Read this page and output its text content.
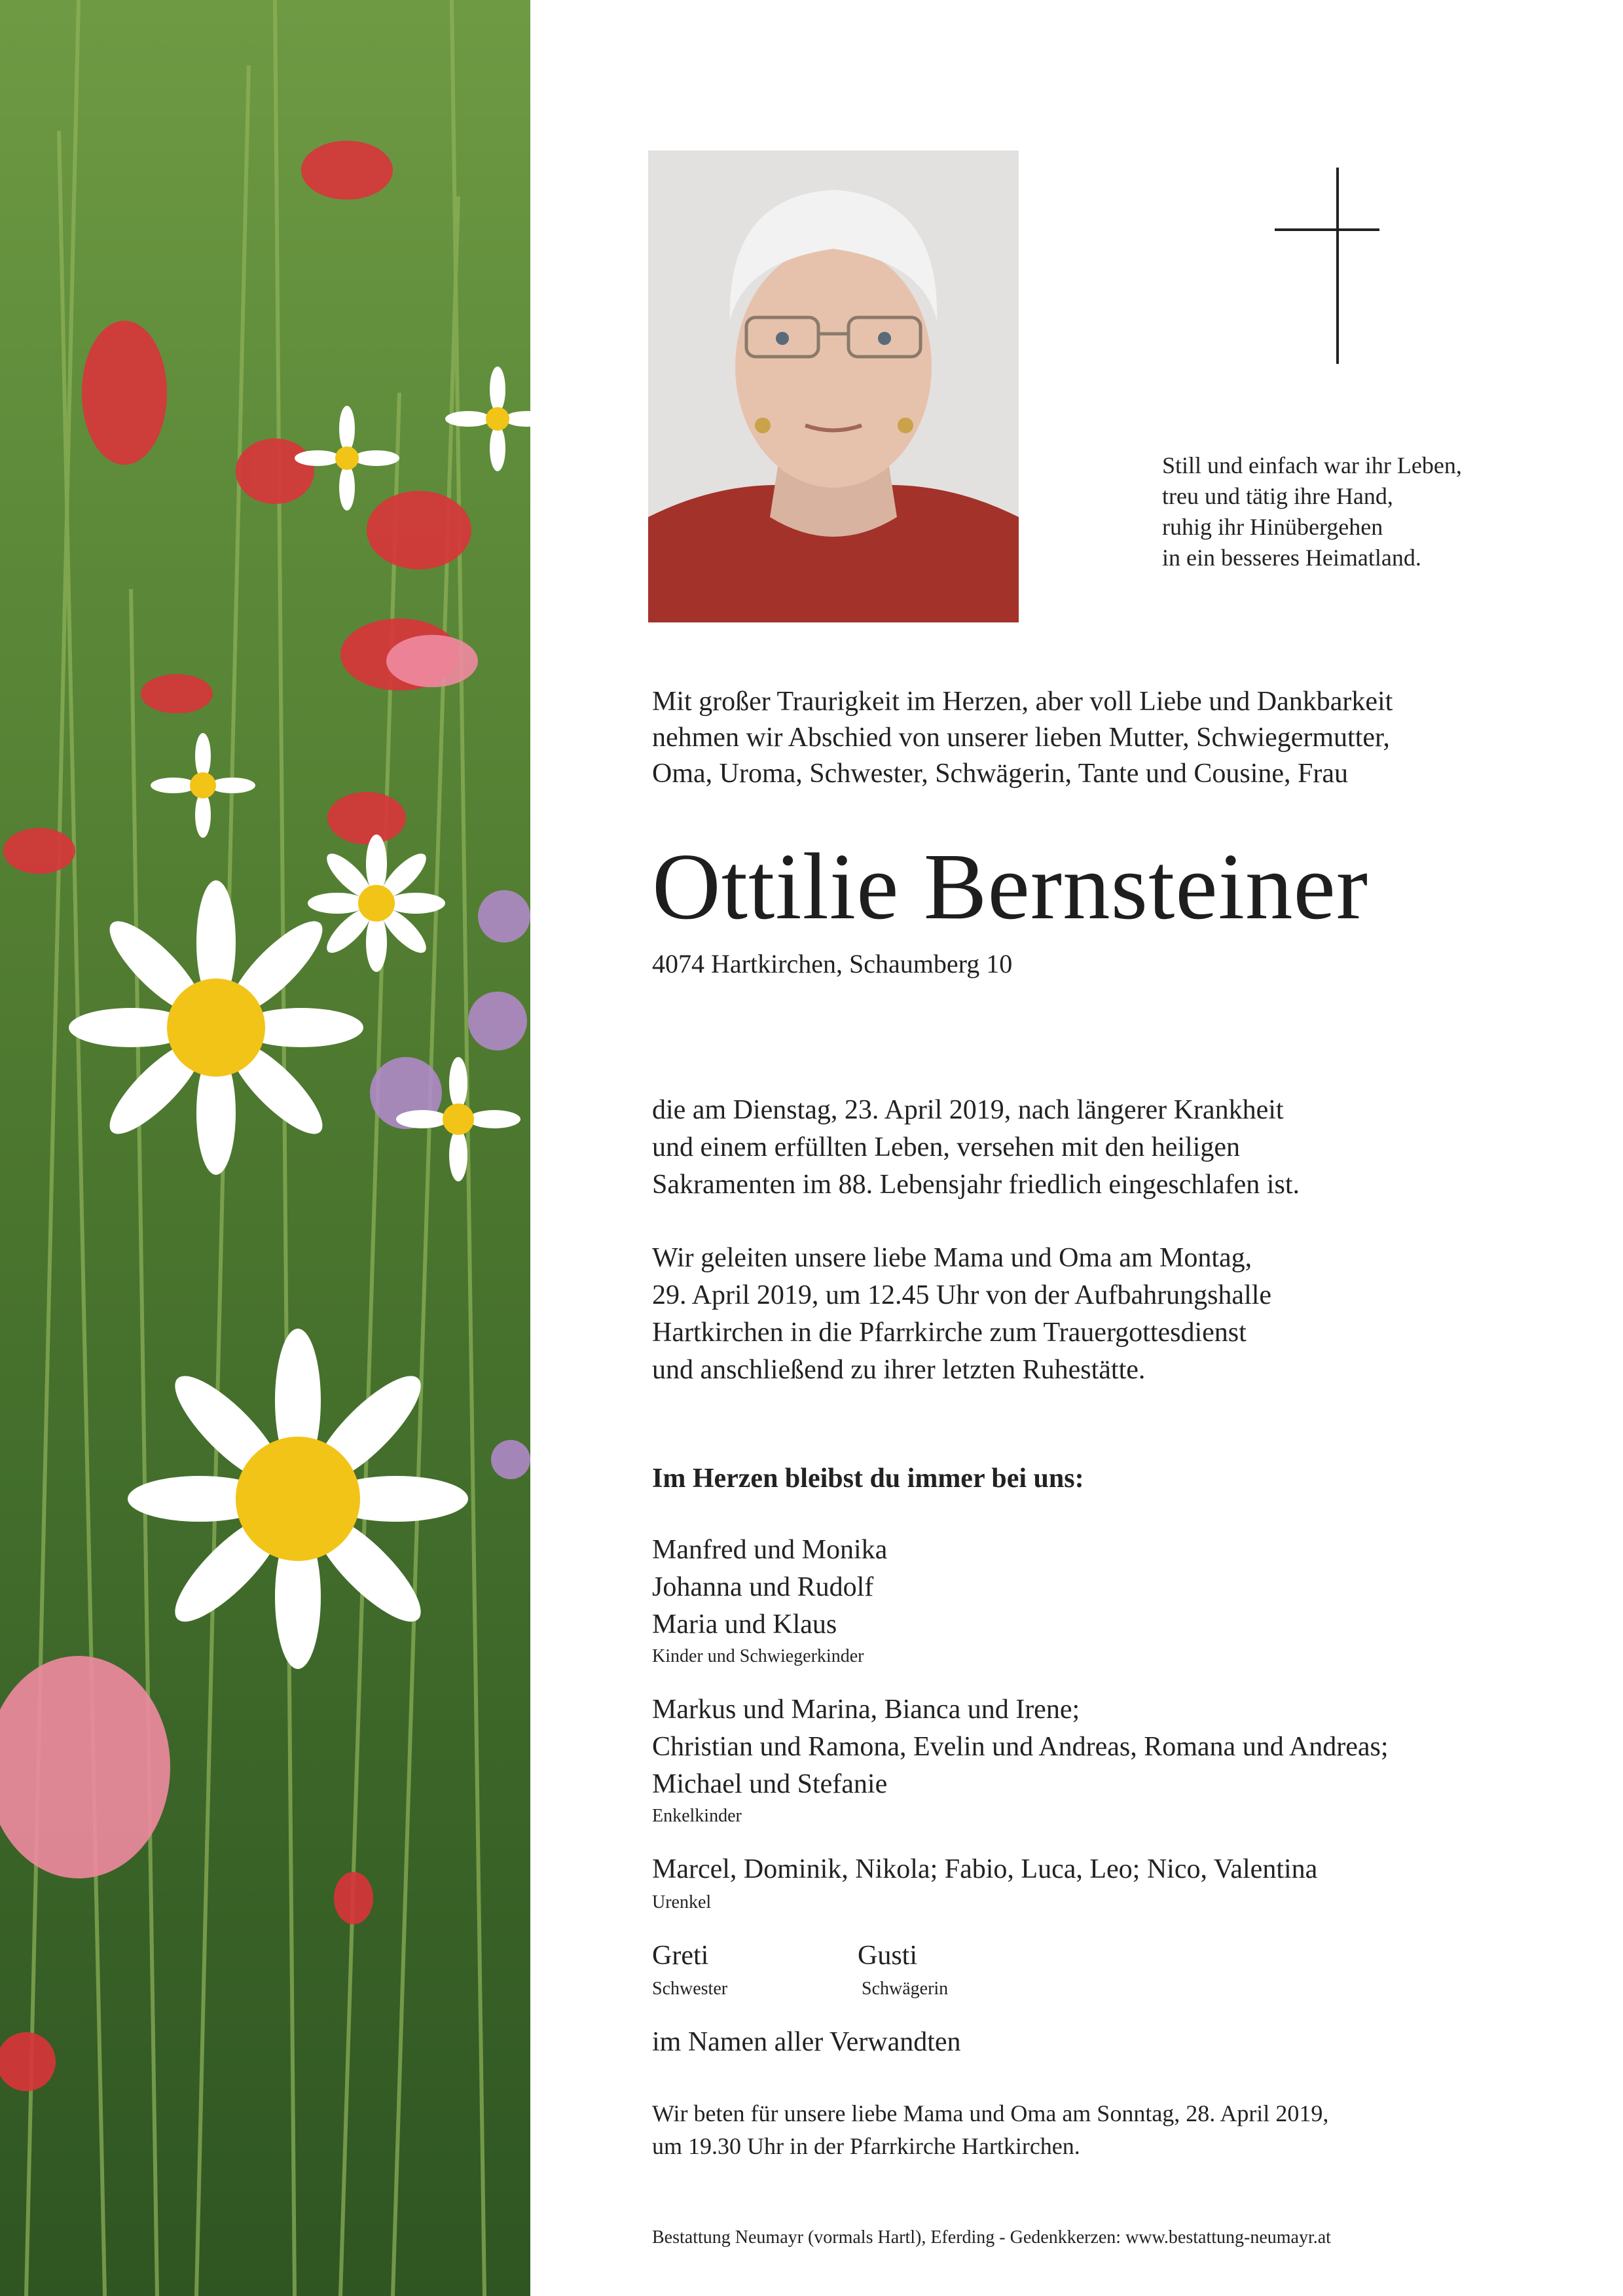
Still und einfach war ihr Leben,
treu und tätig ihre Hand,
ruhig ihr Hinübergehen
in ein besseres Heimatland.
Mit großer Traurigkeit im Herzen, aber voll Liebe und Dankbarkeit
nehmen wir Abschied von unserer lieben Mutter, Schwiegermutter,
Oma, Uroma, Schwester, Schwägerin, Tante und Cousine, Frau
Ottilie Bernsteiner
4074 Hartkirchen, Schaumberg 10
die am Dienstag, 23. April 2019, nach längerer Krankheit
und einem erfüllten Leben, versehen mit den heiligen
Sakramenten im 88. Lebensjahr friedlich eingeschlafen ist.
Wir geleiten unsere liebe Mama und Oma am Montag,
29. April 2019, um 12.45 Uhr von der Aufbahrungshalle
Hartkirchen in die Pfarrkirche zum Trauergottesdienst
und anschließend zu ihrer letzten Ruhestätte.
Im Herzen bleibst du immer bei uns:
Manfred und Monika
Johanna und Rudolf
Maria und Klaus
Kinder und Schwiegerkinder
Markus und Marina, Bianca und Irene;
Christian und Ramona, Evelin und Andreas, Romana und Andreas;
Michael und Stefanie
Enkelkinder
Marcel, Dominik, Nikola; Fabio, Luca, Leo; Nico, Valentina
Urenkel
Greti
Schwester
Gusti
Schwägerin
im Namen aller Verwandten
Wir beten für unsere liebe Mama und Oma am Sonntag, 28. April 2019,
um 19.30 Uhr in der Pfarrkirche Hartkirchen.
Bestattung Neumayr (vormals Hartl), Eferding - Gedenkkerzen: www.bestattung-neumayr.at
